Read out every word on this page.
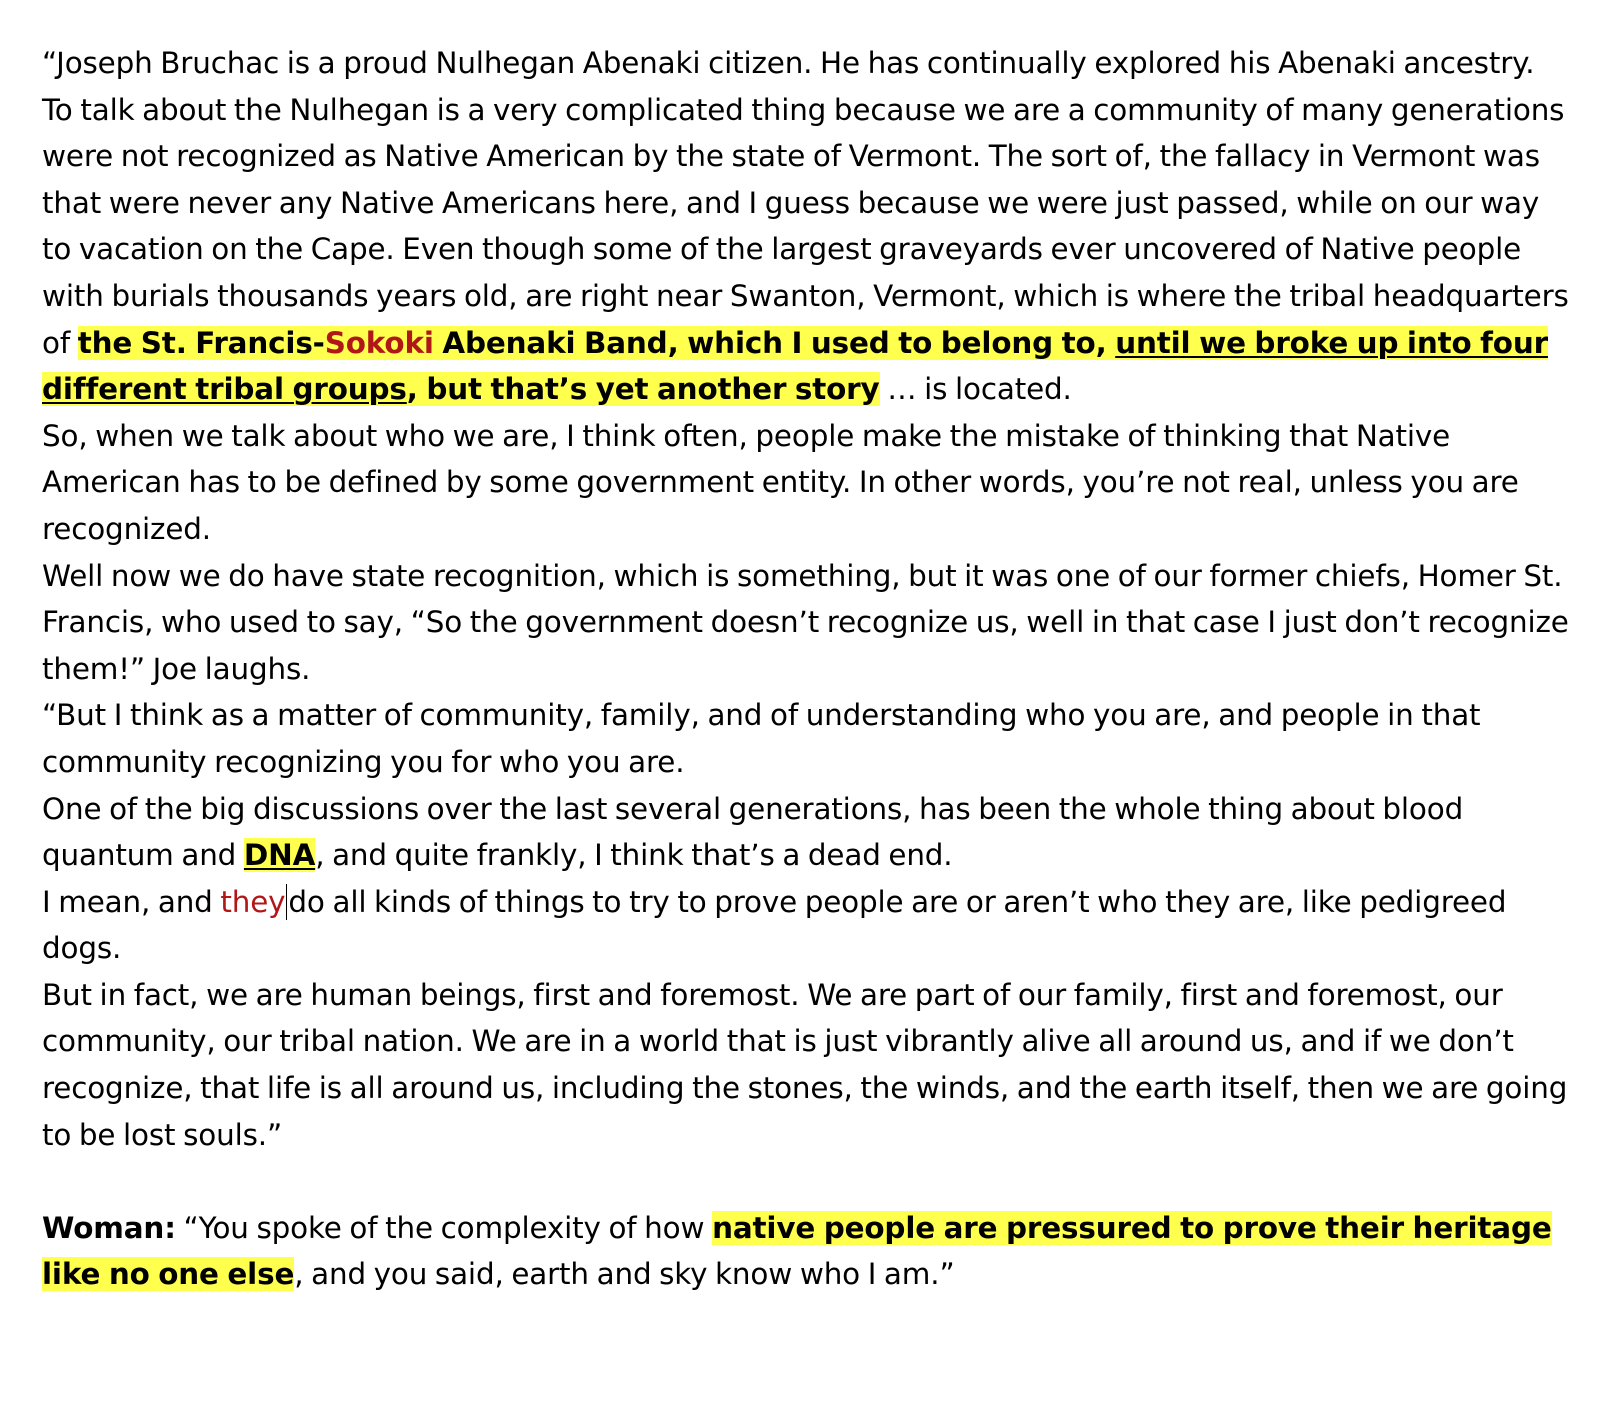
“Joseph Bruchac is a proud Nulhegan Abenaki citizen. He has continually explored his Abenaki ancestry. To talk about the Nulhegan is a very complicated thing because we are a community of many generations were not recognized as Native American by the state of Vermont. The sort of, the fallacy in Vermont was that were never any Native Americans here, and I guess because we were just passed, while on our way to vacation on the Cape. Even though some of the largest graveyards ever uncovered of Native people with burials thousands years old, are right near Swanton, Vermont, which is where the tribal headquarters of the St. Francis-Sokoki Abenaki Band, which I used to belong to, until we broke up into four different tribal groups, but that’s yet another story … is located.

So, when we talk about who we are, I think often, people make the mistake of thinking that Native American has to be defined by some government entity. In other words, you’re not real, unless you are recognized.

Well now we do have state recognition, which is something, but it was one of our former chiefs, Homer St. Francis, who used to say, “So the government doesn’t recognize us, well in that case I just don’t recognize them!” Joe laughs.

“But I think as a matter of community, family, and of understanding who you are, and people in that community recognizing you for who you are.

One of the big discussions over the last several generations, has been the whole thing about blood quantum and DNA, and quite frankly, I think that’s a dead end.

I mean, and they do all kinds of things to try to prove people are or aren’t who they are, like pedigreed dogs.

But in fact, we are human beings, first and foremost. We are part of our family, first and foremost, our community, our tribal nation. We are in a world that is just vibrantly alive all around us, and if we don’t recognize, that life is all around us, including the stones, the winds, and the earth itself, then we are going to be lost souls.”

Woman: “You spoke of the complexity of how native people are pressured to prove their heritage like no one else, and you said, earth and sky know who I am.”
